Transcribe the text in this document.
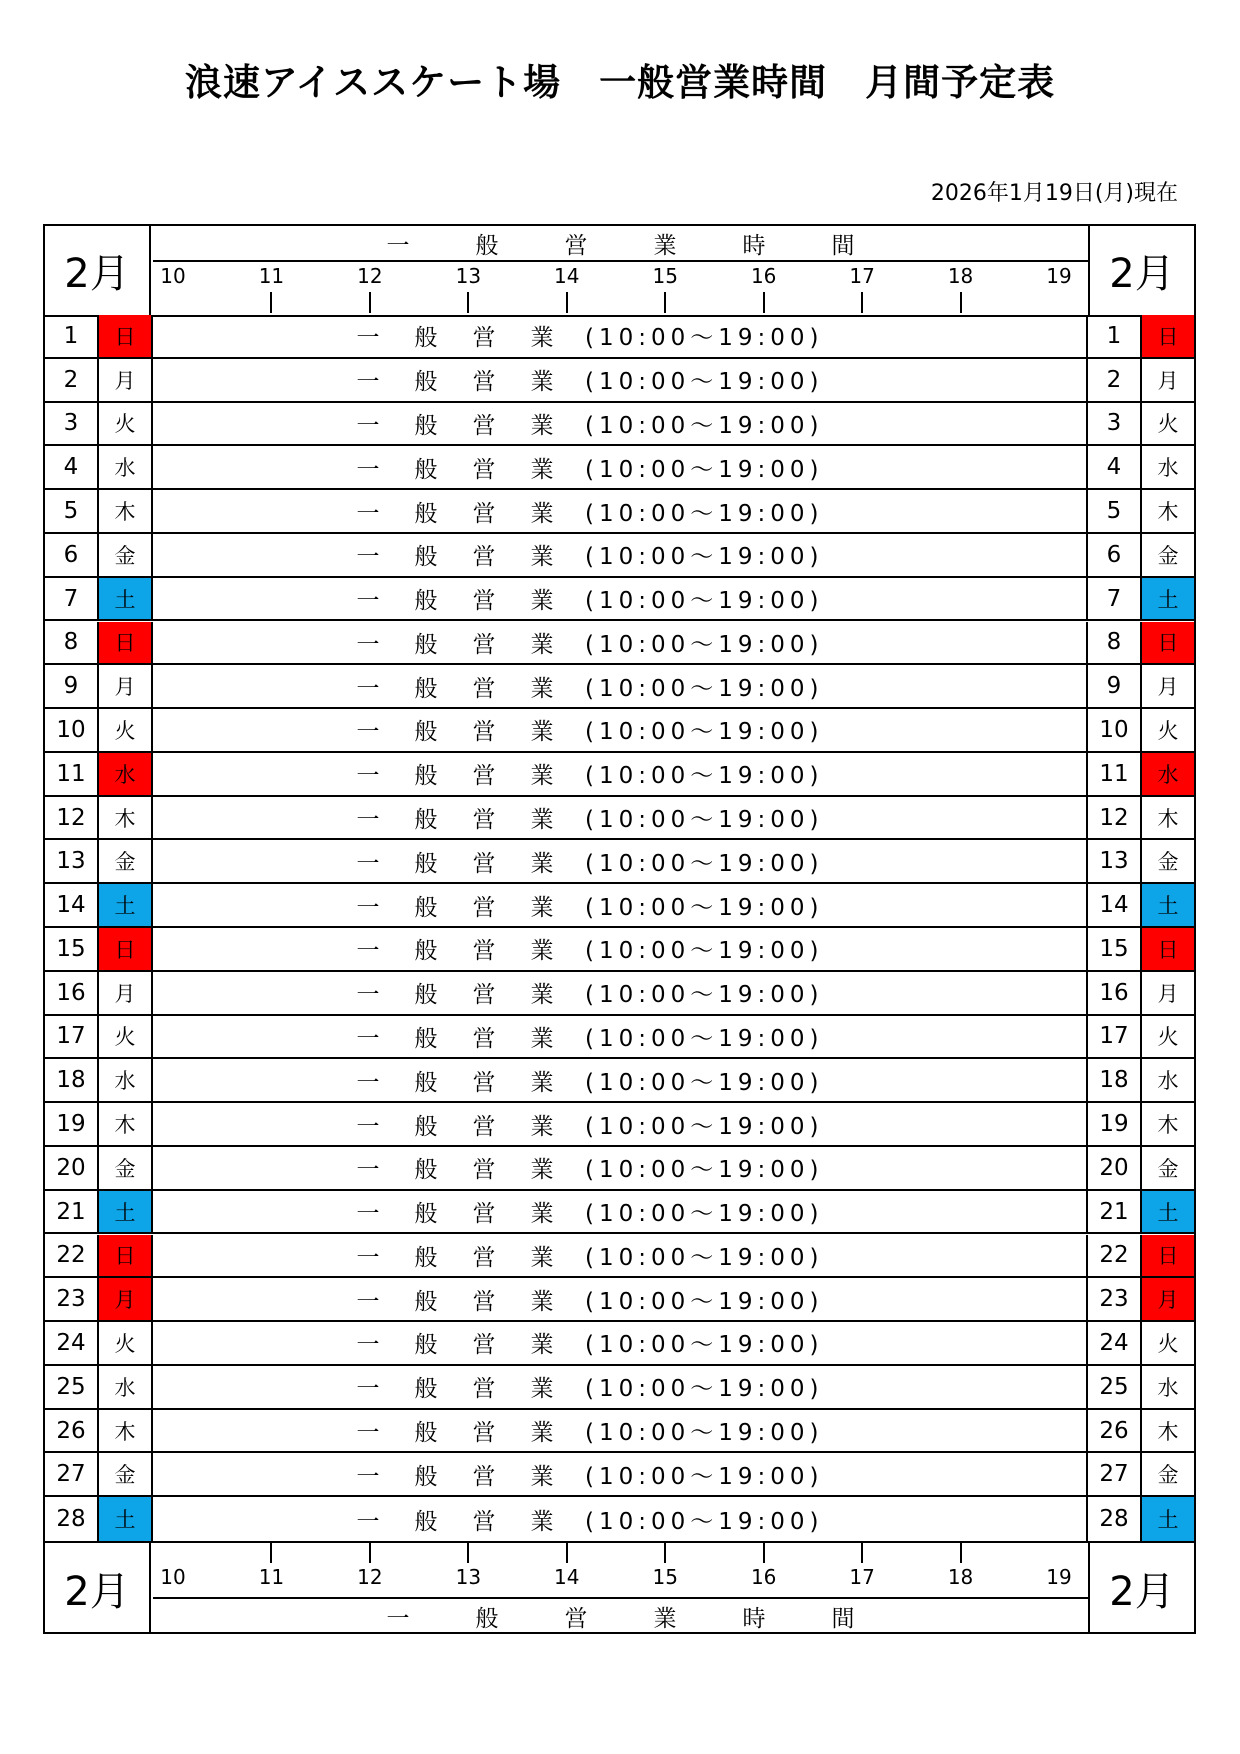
浪速アイススケート場　一般営業時間　月間予定表
2026年1月19日(月)現在
2月
一	般	営	業	時	間
10	11	12	13	14	15	16	17	18	19 2月
1	日	一	般	営	業	(10:00～19:00)	1	日
2	月	一	般	営	業	(10:00～19:00)	2	月
3	火	一	般	営	業	(10:00～19:00)	3	火
4	水	一	般	営	業	(10:00～19:00)	4	水
5	木	一	般	営	業	(10:00～19:00)	5	木
6	金	一	般	営	業	(10:00～19:00)	6	金
7	土	一	般	営	業	(10:00～19:00)	7	土
8	日	一	般	営	業	(10:00～19:00)	8	日
9	月	一	般	営	業	(10:00～19:00)	9	月
10	火	一	般	営	業	(10:00～19:00)	10	火
11	水	一	般	営	業	(10:00～19:00)	11	水
12	木	一	般	営	業	(10:00～19:00)	12	木
13	金	一	般	営	業	(10:00～19:00)	13	金
14	土	一	般	営	業	(10:00～19:00)	14	土
15	日	一	般	営	業	(10:00～19:00)	15	日
16	月	一	般	営	業	(10:00～19:00)	16	月
17	火	一	般	営	業	(10:00～19:00)	17	火
18	水	一	般	営	業	(10:00～19:00)	18	水
19	木	一	般	営	業	(10:00～19:00)	19	木
20	金	一	般	営	業	(10:00～19:00)	20	金
21	土	一	般	営	業	(10:00～19:00)	21	土
22	日	一	般	営	業	(10:00～19:00)	22	日
23	月	一	般	営	業	(10:00～19:00)	23	月
24	火	一	般	営	業	(10:00～19:00)	24	火
25	水	一	般	営	業	(10:00～19:00)	25	水
26	木	一	般	営	業	(10:00～19:00)	26	木
27	金	一	般	営	業	(10:00～19:00)	27	金
28	土	一	般	営	業	(10:00～19:00)	28	土
2月
一	般	営	業	時	間
10	11	12	13	14	15	16	17	18	19 2月
